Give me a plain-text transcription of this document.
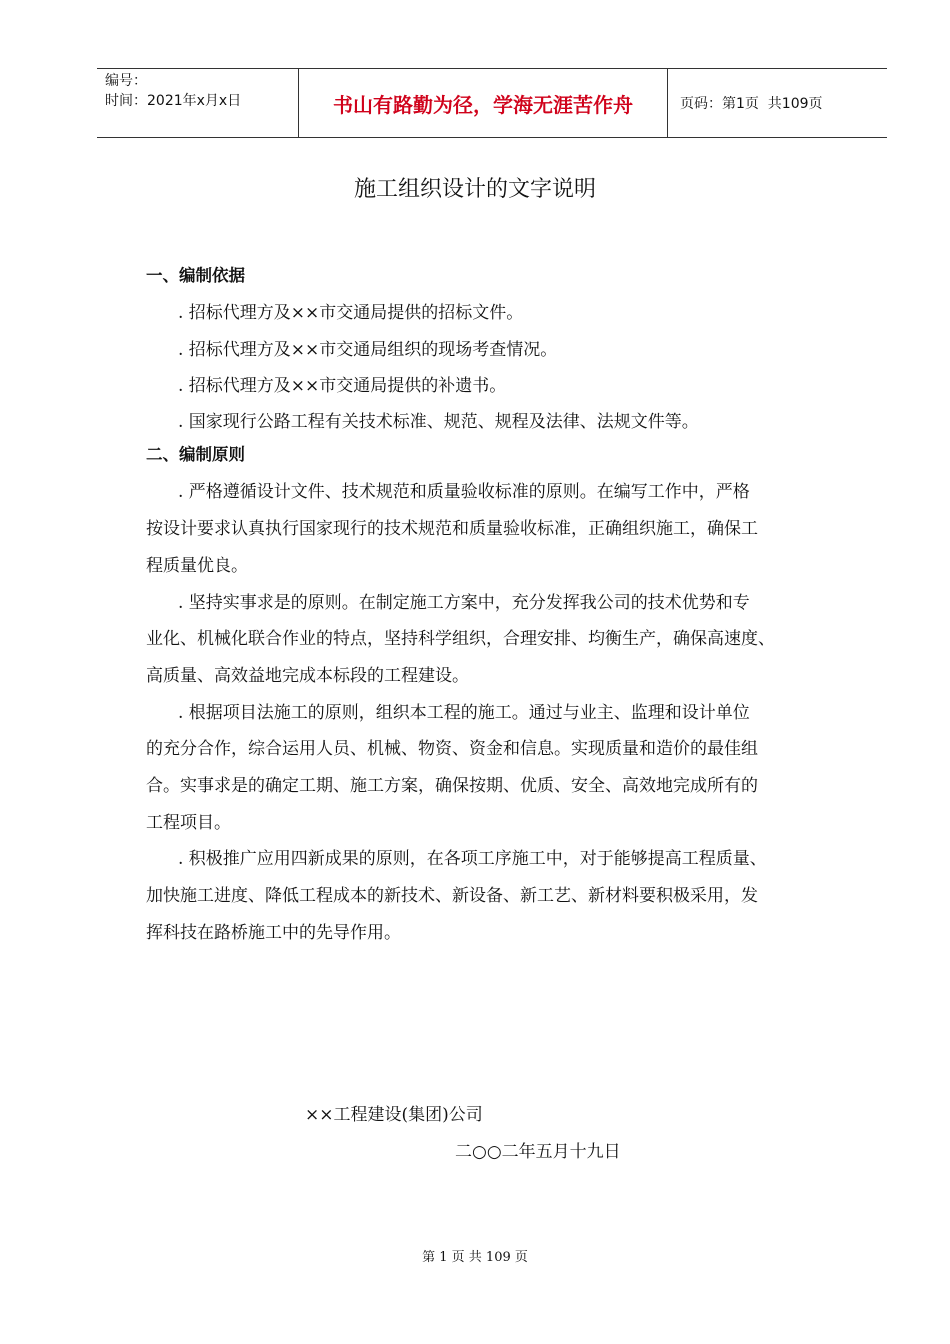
编号：
时间：2021年x月x日	书山有路勤为径，学海无涯苦作舟	页码：第1页  共109页
施工组织设计的文字说明
一、编制依据
. 招标代理方及××市交通局提供的招标文件。
. 招标代理方及××市交通局组织的现场考查情况。
. 招标代理方及××市交通局提供的补遗书。
. 国家现行公路工程有关技术标准、规范、规程及法律、法规文件等。
二、编制原则
. 严格遵循设计文件、技术规范和质量验收标准的原则。在编写工作中，严格
按设计要求认真执行国家现行的技术规范和质量验收标准，正确组织施工，确保工
程质量优良。
. 坚持实事求是的原则。在制定施工方案中，充分发挥我公司的技术优势和专
业化、机械化联合作业的特点，坚持科学组织，合理安排、均衡生产，确保高速度、
高质量、高效益地完成本标段的工程建设。
. 根据项目法施工的原则，组织本工程的施工。通过与业主、监理和设计单位
的充分合作，综合运用人员、机械、物资、资金和信息。实现质量和造价的最佳组
合。实事求是的确定工期、施工方案，确保按期、优质、安全、高效地完成所有的
工程项目。
. 积极推广应用四新成果的原则，在各项工序施工中，对于能够提高工程质量、
加快施工进度、降低工程成本的新技术、新设备、新工艺、新材料要积极采用，发
挥科技在路桥施工中的先导作用。
××工程建设(集团)公司
二○○二年五月十九日
第 1 页 共 109 页
